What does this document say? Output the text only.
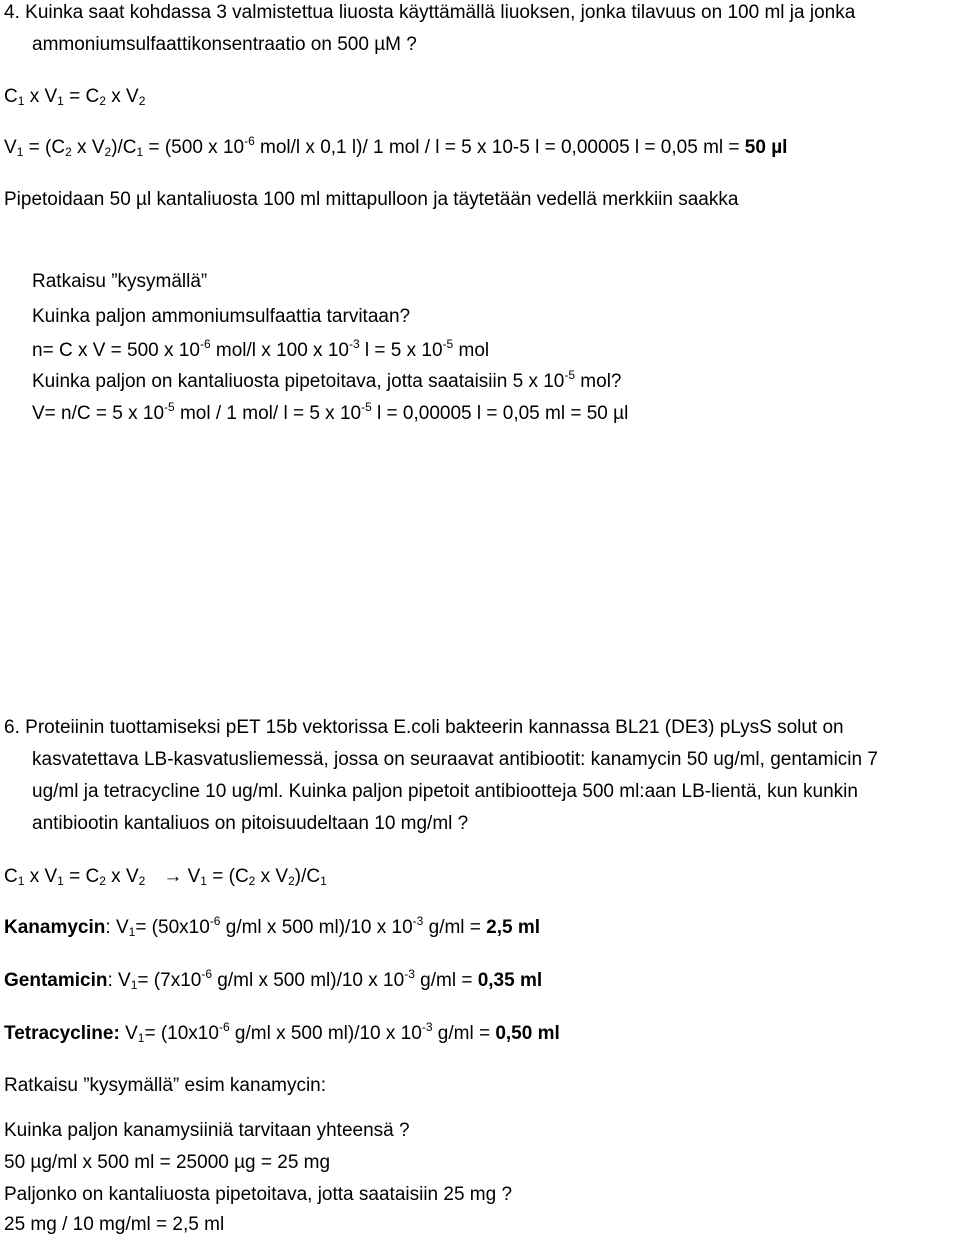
4. Kuinka saat kohdassa 3 valmistettua liuosta käyttämällä liuoksen, jonka tilavuus on 100 ml ja jonka
ammoniumsulfaattikonsentraatio on 500 µM ?
$C_1$ x $V_1 = C_2$ x $V_2$
$V_1 = (C_2$ x $V_2)/C_1 = (500$ x $10^{-6}$ mol/l x 0,1 l)/ 1 mol / l = 5 x 10-5 l = 0,00005 l = 0,05 ml = 50 µl
Pipetoidaan 50 µl kantaliuosta 100 ml mittapulloon ja täytetään vedellä merkkiin saakka
Ratkaisu ”kysymällä”
Kuinka paljon ammoniumsulfaattia tarvitaan?
n= C x V = 500 x $10^{-6}$ mol/l x 100 x $10^{-3}$ l = 5 x $10^{-5}$ mol
Kuinka paljon on kantaliuosta pipetoitava, jotta saataisiin 5 x $10^{-5}$ mol?
V= n/C = 5 x $10^{-5}$ mol / 1 mol/ l = 5 x $10^{-5}$ l = 0,00005 l = 0,05 ml = 50 µl
6. Proteiinin tuottamiseksi pET 15b vektorissa E.coli bakteerin kannassa BL21 (DE3) pLysS solut on
kasvatettava LB-kasvatusliemessä, jossa on seuraavat antibiootit: kanamycin 50 ug/ml, gentamicin 7
ug/ml ja tetracycline 10 ug/ml. Kuinka paljon pipetoit antibiootteja 500 ml:aan LB-lientä, kun kunkin
antibiootin kantaliuos on pitoisuudeltaan 10 mg/ml ?
$C_1$ x $V_1 = C_2$ x $V_2 \to V_1 = (C_2$ x $V_2)/C_1$
Kanamycin: $V_1= (50x10^{-6}$ g/ml x 500 ml)/10 x $10^{-3}$ g/ml = 2,5 ml
Gentamicin: $V_1= (7x10^{-6}$ g/ml x 500 ml)/10 x $10^{-3}$ g/ml = 0,35 ml
Tetracycline: $V_1= (10x10^{-6}$ g/ml x 500 ml)/10 x $10^{-3}$ g/ml = 0,50 ml
Ratkaisu ”kysymällä” esim kanamycin:
Kuinka paljon kanamysiiniä tarvitaan yhteensä ?
50 µg/ml x 500 ml = 25000 µg = 25 mg
Paljonko on kantaliuosta pipetoitava, jotta saataisiin 25 mg ?
25 mg / 10 mg/ml = 2,5 ml
